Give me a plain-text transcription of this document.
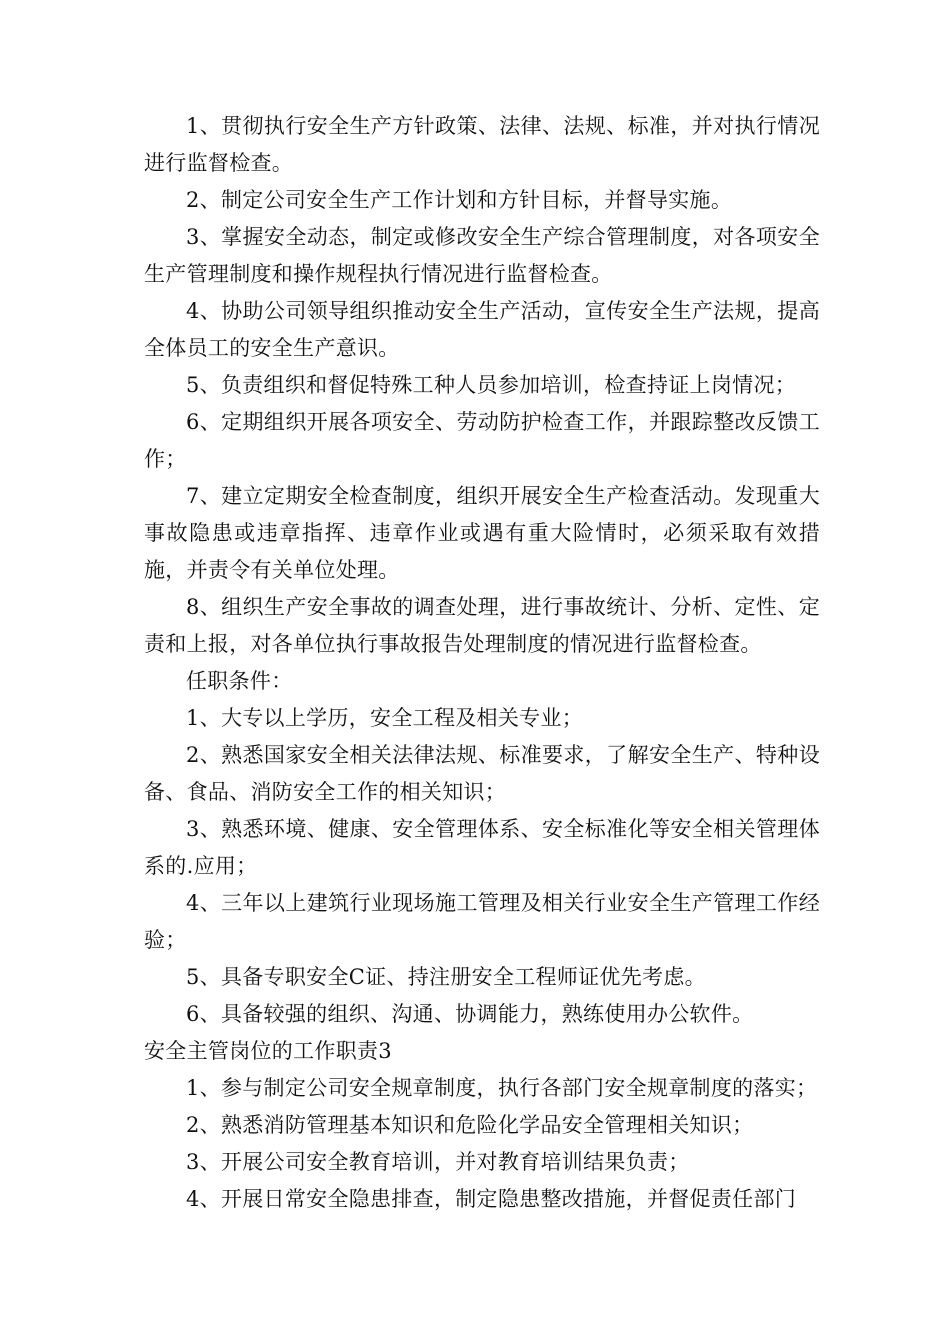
1、贯彻执行安全生产方针政策、法律、法规、标准，并对执行情况进行监督检查。

2、制定公司安全生产工作计划和方针目标，并督导实施。

3、掌握安全动态，制定或修改安全生产综合管理制度，对各项安全生产管理制度和操作规程执行情况进行监督检查。

4、协助公司领导组织推动安全生产活动，宣传安全生产法规，提高全体员工的安全生产意识。

5、负责组织和督促特殊工种人员参加培训，检查持证上岗情况；

6、定期组织开展各项安全、劳动防护检查工作，并跟踪整改反馈工作；

7、建立定期安全检查制度，组织开展安全生产检查活动。发现重大事故隐患或违章指挥、违章作业或遇有重大险情时，必须采取有效措施，并责令有关单位处理。

8、组织生产安全事故的调查处理，进行事故统计、分析、定性、定责和上报，对各单位执行事故报告处理制度的情况进行监督检查。

任职条件：

1、大专以上学历，安全工程及相关专业；

2、熟悉国家安全相关法律法规、标准要求，了解安全生产、特种设备、食品、消防安全工作的相关知识；

3、熟悉环境、健康、安全管理体系、安全标准化等安全相关管理体系的.应用；

4、三年以上建筑行业现场施工管理及相关行业安全生产管理工作经验；

5、具备专职安全C证、持注册安全工程师证优先考虑。

6、具备较强的组织、沟通、协调能力，熟练使用办公软件。

安全主管岗位的工作职责3

1、参与制定公司安全规章制度，执行各部门安全规章制度的落实；

2、熟悉消防管理基本知识和危险化学品安全管理相关知识；

3、开展公司安全教育培训，并对教育培训结果负责；

4、开展日常安全隐患排查，制定隐患整改措施，并督促责任部门
